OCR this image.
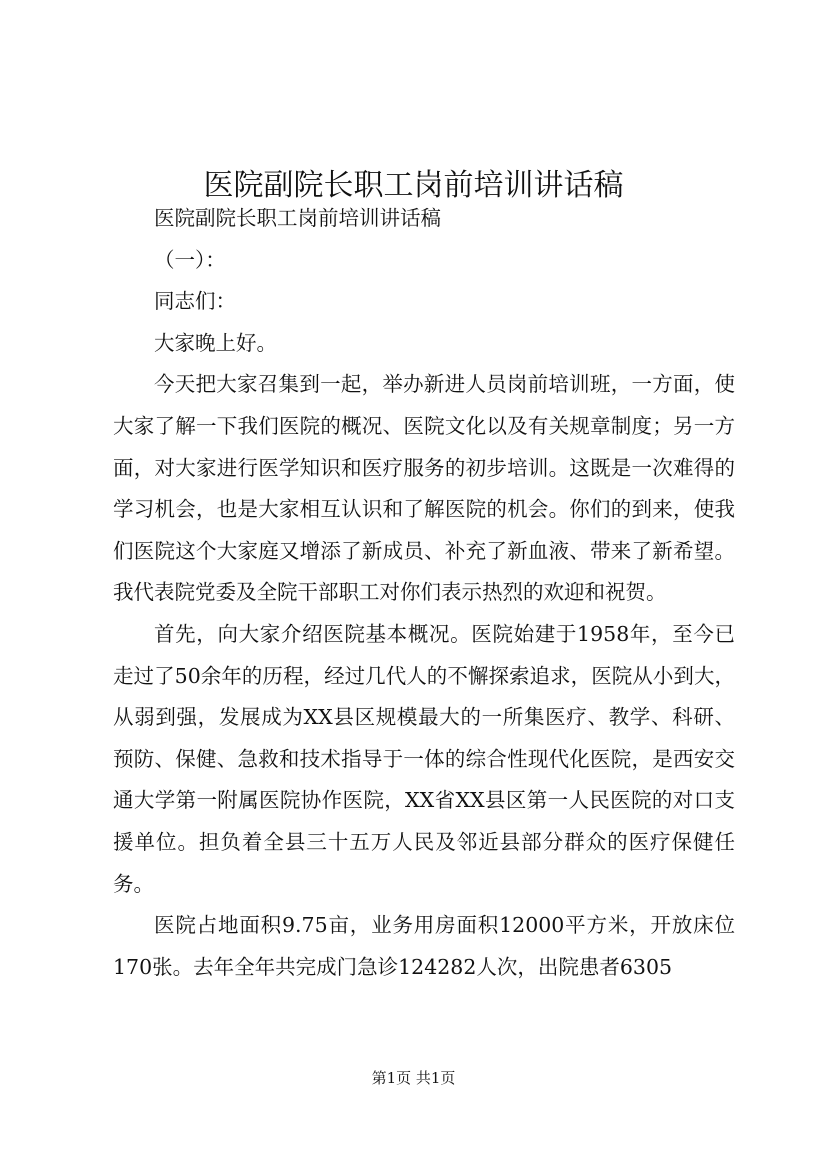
医院副院长职工岗前培训讲话稿

医院副院长职工岗前培训讲话稿

（一）：

同志们：

大家晚上好。

今天把大家召集到一起，举办新进人员岗前培训班，一方面，使大家了解一下我们医院的概况、医院文化以及有关规章制度；另一方面，对大家进行医学知识和医疗服务的初步培训。这既是一次难得的学习机会，也是大家相互认识和了解医院的机会。你们的到来，使我们医院这个大家庭又增添了新成员、补充了新血液、带来了新希望。我代表院党委及全院干部职工对你们表示热烈的欢迎和祝贺。

首先，向大家介绍医院基本概况。医院始建于1958年，至今已走过了50余年的历程，经过几代人的不懈探索追求，医院从小到大，从弱到强，发展成为XX县区规模最大的一所集医疗、教学、科研、预防、保健、急救和技术指导于一体的综合性现代化医院，是西安交通大学第一附属医院协作医院，XX省XX县区第一人民医院的对口支援单位。担负着全县三十五万人民及邻近县部分群众的医疗保健任务。

医院占地面积9.75亩，业务用房面积12000平方米，开放床位170张。去年全年共完成门急诊124282人次，出院患者6305

第1页 共1页
